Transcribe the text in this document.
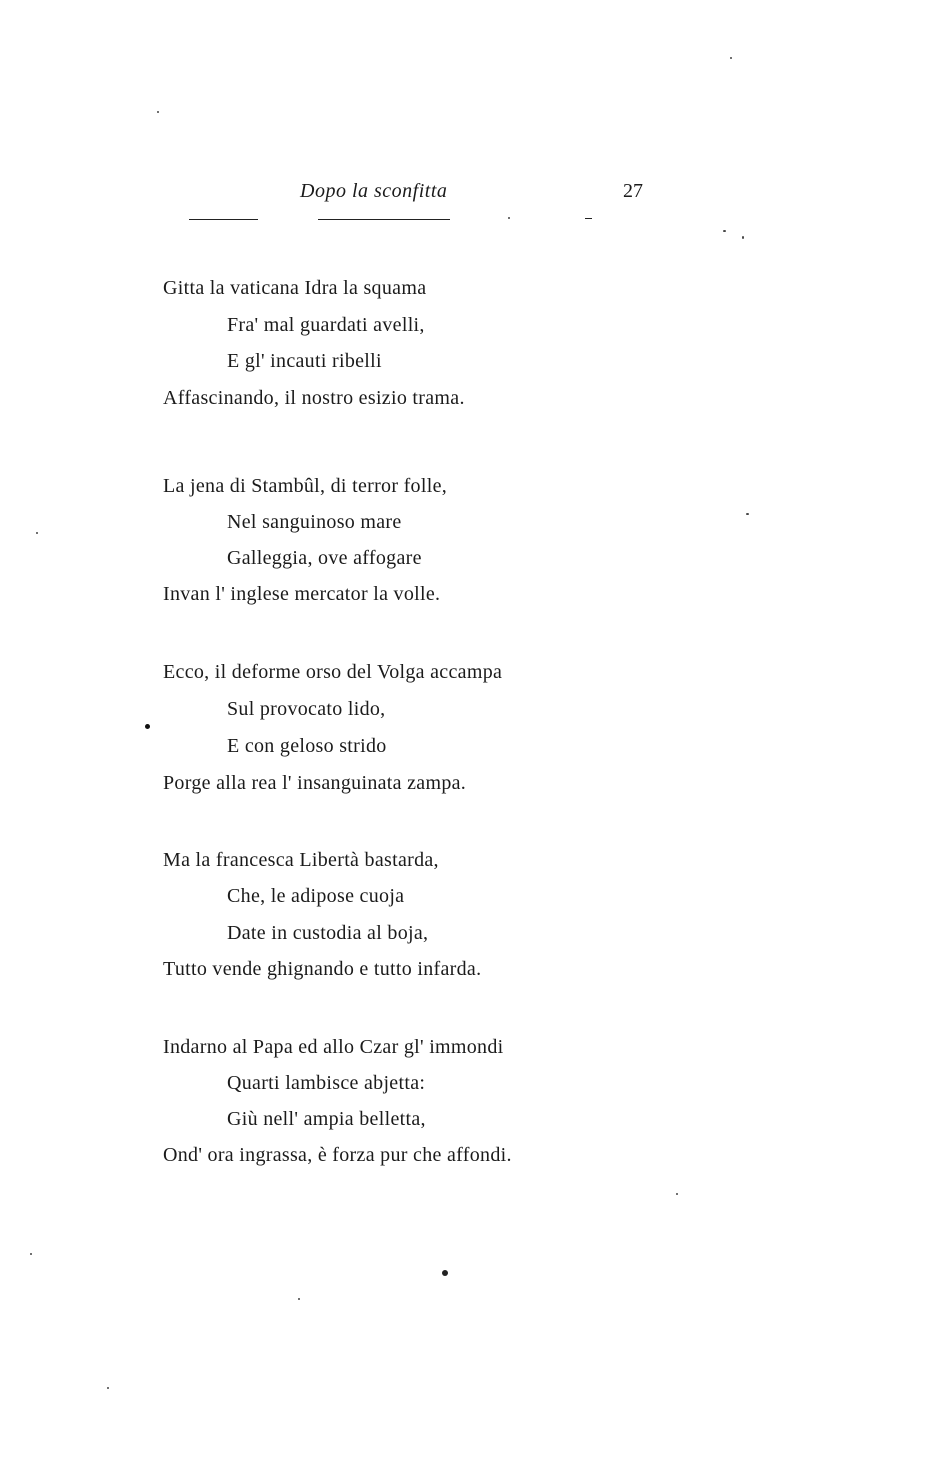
Dopo la sconfitta	27
Gitta la vaticana Idra la squama
Fra' mal guardati avelli,
E gl' incauti ribelli
Affascinando, il nostro esizio trama.
La jena di Stambûl, di terror folle,
Nel sanguinoso mare
Galleggia, ove affogare
Invan l' inglese mercator la volle.
Ecco, il deforme orso del Volga accampa
Sul provocato lido,
E con geloso strido
Porge alla rea l' insanguinata zampa.
Ma la francesca Libertà bastarda,
Che, le adipose cuoja
Date in custodia al boja,
Tutto vende ghignando e tutto infarda.
Indarno al Papa ed allo Czar gl' immondi
Quarti lambisce abjetta:
Giù nell' ampia belletta,
Ond' ora ingrassa, è forza pur che affondi.
